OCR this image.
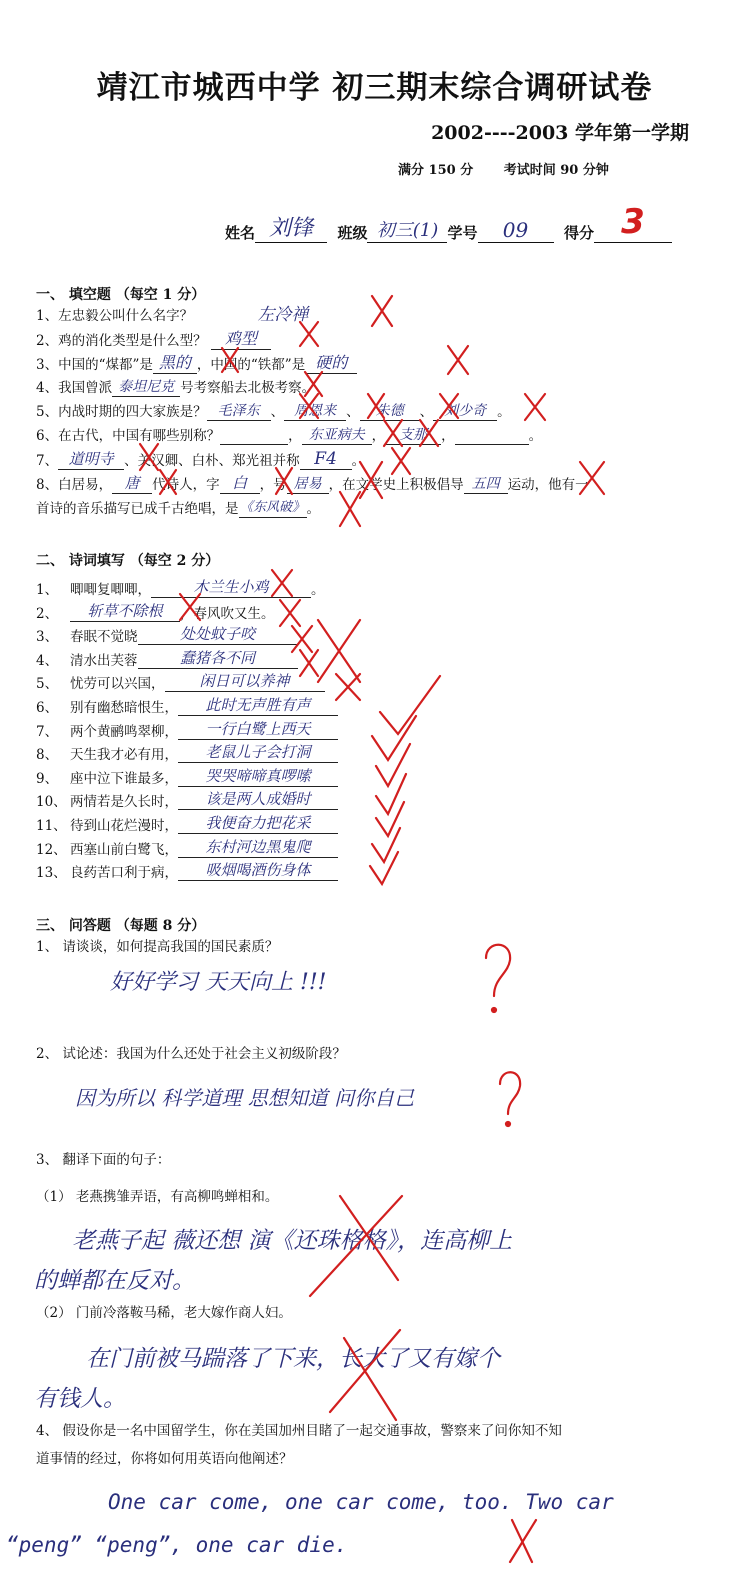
靖江市城西中学 初三期末综合调研试卷
2002----2003 学年第一学期
满分 150 分 考试时间 90 分钟
姓名 刘锋 班级 初三(1) 学号 09 得分 3
一、 填空题 （每空 1 分）
1、左忠毅公叫什么名字？	左冷禅
2、鸡的消化类型是什么型？ 鸡型
3、中国的“煤都”是 黑的 ，中国的“铁都”是 硬的
4、我国曾派 泰坦尼克 号考察船去北极考察。
5、内战时期的四大家族是？ 毛泽东 、 周恩来 、 朱德 、 刘少奇 。
6、在古代，中国有哪些别称？	， 东亚病夫 ， 支那 ，	。
7、 道明寺 、关汉卿、白朴、郑光祖并称 F4 。
8、白居易， 唐 代诗人，字 白 ，号 居易 ，在文学史上积极倡导 五四 运动，他有一
首诗的音乐描写已成千古绝唱，是《东风破》 。
二、 诗词填写 （每空 2 分）
1、 唧唧复唧唧，	木兰生小鸡	。
2、 斩草不除根 ，春风吹又生。
3、 春眠不觉晓	处处蚊子咬
4、 清水出芙蓉	蠢猪各不同
5、 忧劳可以兴国， 闲日可以养神
6、 别有幽愁暗恨生， 此时无声胜有声
7、 两个黄鹂鸣翠柳， 一行白鹭上西天
8、 天生我才必有用， 老鼠儿子会打洞
9、 座中泣下谁最多， 哭哭啼啼真啰嗦
10、 两情若是久长时， 该是两人成婚时
11、 待到山花烂漫时， 我便奋力把花采
12、 西塞山前白鹭飞， 东村河边黑鬼爬
13、 良药苦口利于病， 吸烟喝酒伤身体
三、 问答题 （每题 8 分）
1、 请谈谈，如何提高我国的国民素质？
好好学习 天天向上 !!!
2、 试论述：我国为什么还处于社会主义初级阶段？
因为所以 科学道理 思想知道 问你自己
3、 翻译下面的句子：
（1） 老燕携雏弄语，有高柳鸣蝉相和。
老燕子起 薇还想 演《还珠格格》，连高柳上
的蝉都在反对。
（2） 门前冷落鞍马稀，老大嫁作商人妇。
在门前被马踹落了下来，长大了又有嫁个
有钱人。
4、 假设你是一名中国留学生，你在美国加州目睹了一起交通事故，警察来了问你知不知
道事情的经过，你将如何用英语向他阐述？
One car come, one car come, too. Two car
“peng” “peng”, one car die.
